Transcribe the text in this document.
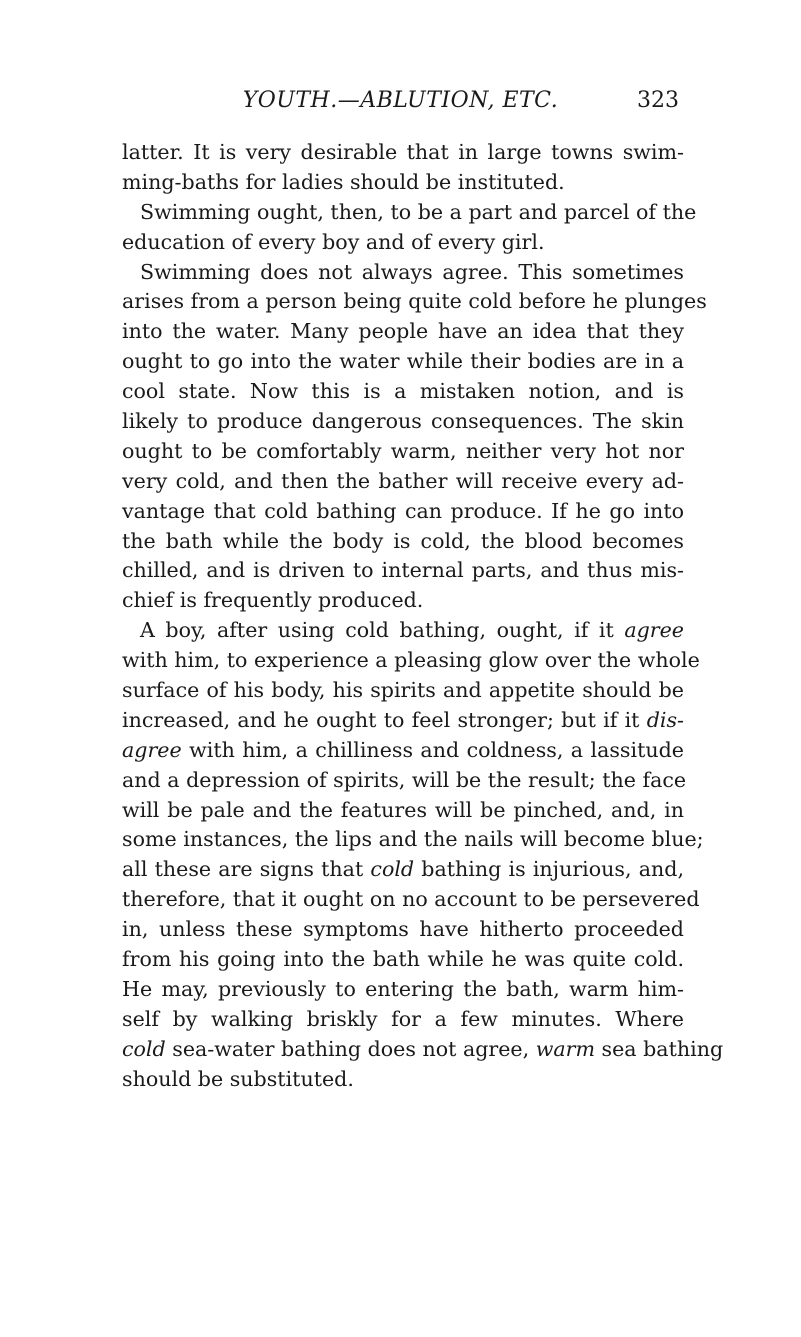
YOUTH.—ABLUTION, ETC.	323
latter. It is very desirable that in large towns swim-
ming-baths for ladies should be instituted.
Swimming ought, then, to be a part and parcel of the
education of every boy and of every girl.
Swimming does not always agree. This sometimes
arises from a person being quite cold before he plunges
into the water. Many people have an idea that they
ought to go into the water while their bodies are in a
cool state. Now this is a mistaken notion, and is
likely to produce dangerous consequences. The skin
ought to be comfortably warm, neither very hot nor
very cold, and then the bather will receive every ad-
vantage that cold bathing can produce. If he go into
the bath while the body is cold, the blood becomes
chilled, and is driven to internal parts, and thus mis-
chief is frequently produced.
A boy, after using cold bathing, ought, if it agree
with him, to experience a pleasing glow over the whole
surface of his body, his spirits and appetite should be
increased, and he ought to feel stronger; but if it dis-
agree with him, a chilliness and coldness, a lassitude
and a depression of spirits, will be the result; the face
will be pale and the features will be pinched, and, in
some instances, the lips and the nails will become blue;
all these are signs that cold bathing is injurious, and,
therefore, that it ought on no account to be persevered
in, unless these symptoms have hitherto proceeded
from his going into the bath while he was quite cold.
He may, previously to entering the bath, warm him-
self by walking briskly for a few minutes. Where
cold sea-water bathing does not agree, warm sea bathing
should be substituted.
